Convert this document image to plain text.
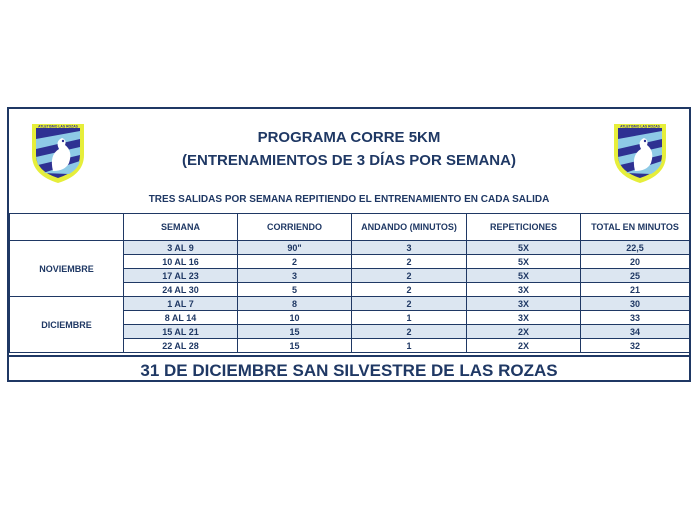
ATLETISMO LAS ROZAS	ATLETISMO LAS ROZAS
PROGRAMA CORRE 5KM
(ENTRENAMIENTOS DE 3 DÍAS POR SEMANA)
TRES SALIDAS POR SEMANA REPITIENDO EL ENTRENAMIENTO EN CADA SALIDA
	SEMANA	CORRIENDO	ANDANDO (MINUTOS)	REPETICIONES	TOTAL EN MINUTOS
NOVIEMBRE	3 AL 9	90"	3	5X	22,5
	10 AL 16	2	2	5X	20
	17 AL 23	3	2	5X	25
	24 AL 30	5	2	3X	21
DICIEMBRE	1 AL 7	8	2	3X	30
	8 AL 14	10	1	3X	33
	15 AL 21	15	2	2X	34
	22 AL 28	15	1	2X	32
31 DE DICIEMBRE SAN SILVESTRE DE LAS ROZAS
